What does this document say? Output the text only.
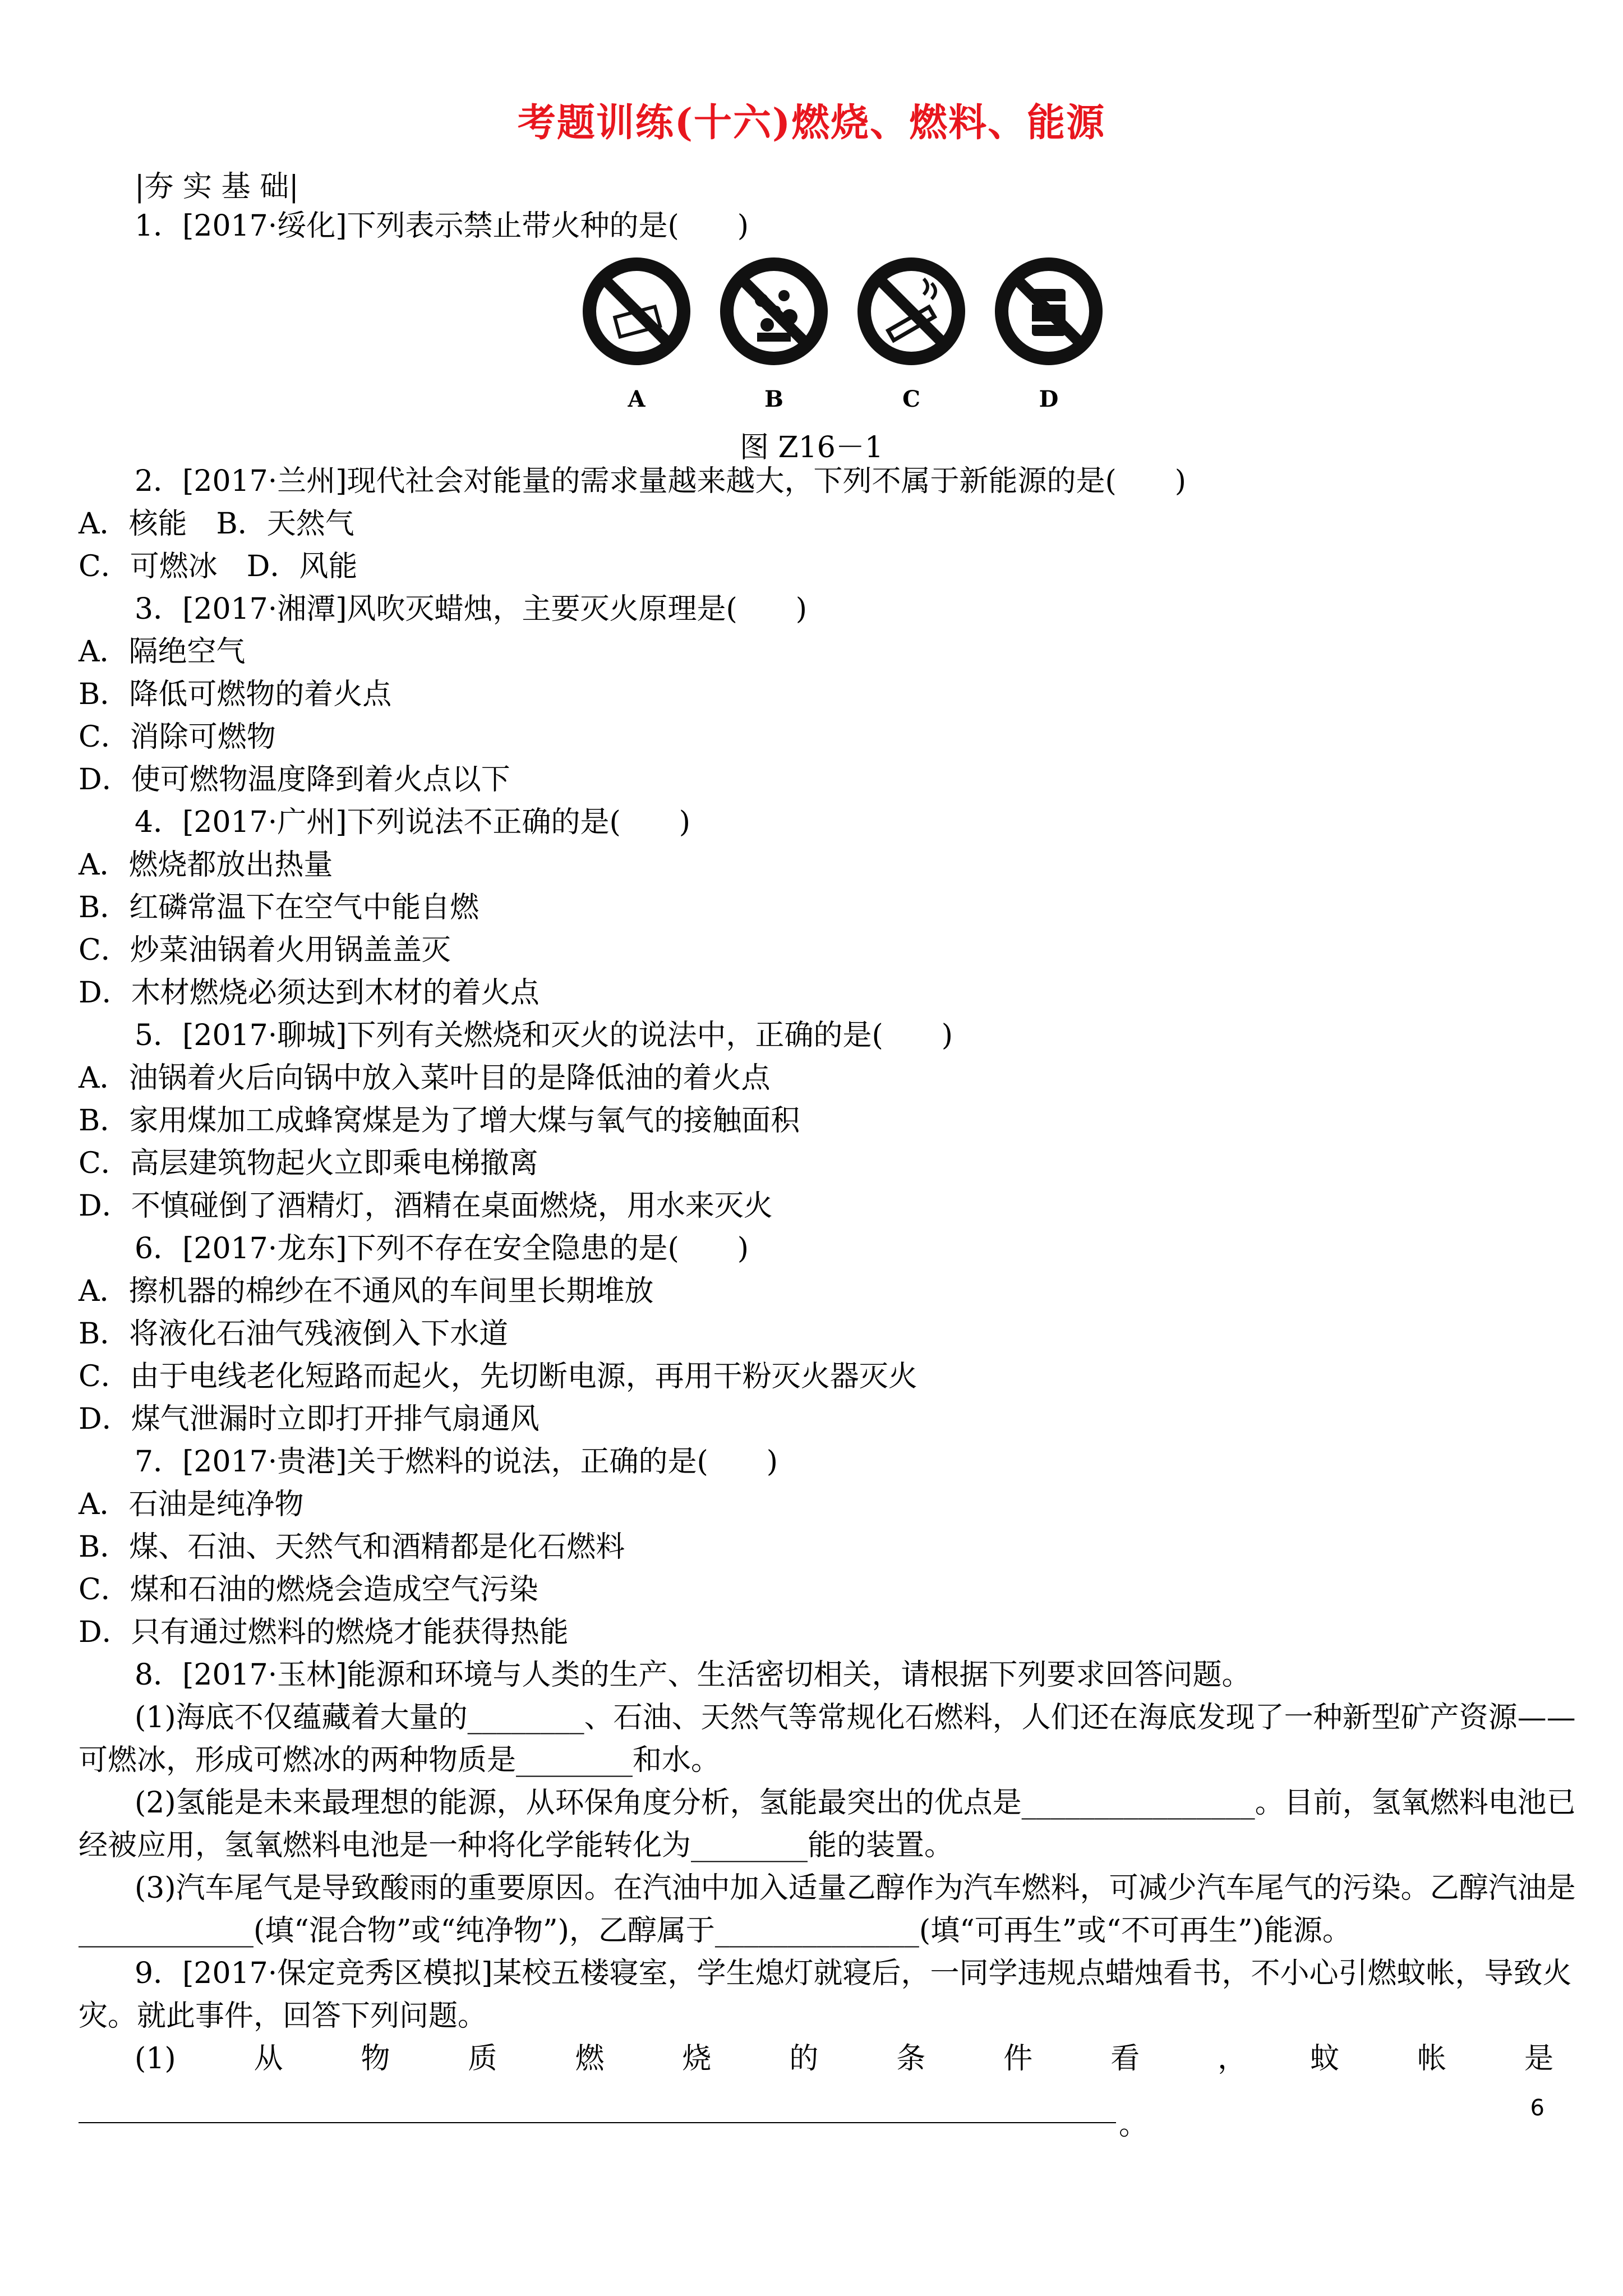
考题训练(十六)燃烧、燃料、能源
|夯 实 基 础|
1．[2017·绥化]下列表示禁止带火种的是(　　)
A	B	C	D
图 Z16－1
2．[2017·兰州]现代社会对能量的需求量越来越大，下列不属于新能源的是(　　)
A．核能　B．天然气
C．可燃冰　D．风能
3．[2017·湘潭]风吹灭蜡烛，主要灭火原理是(　　)
A．隔绝空气
B．降低可燃物的着火点
C．消除可燃物
D．使可燃物温度降到着火点以下
4．[2017·广州]下列说法不正确的是(　　)
A．燃烧都放出热量
B．红磷常温下在空气中能自燃
C．炒菜油锅着火用锅盖盖灭
D．木材燃烧必须达到木材的着火点
5．[2017·聊城]下列有关燃烧和灭火的说法中，正确的是(　　)
A．油锅着火后向锅中放入菜叶目的是降低油的着火点
B．家用煤加工成蜂窝煤是为了增大煤与氧气的接触面积
C．高层建筑物起火立即乘电梯撤离
D．不慎碰倒了酒精灯，酒精在桌面燃烧，用水来灭火
6．[2017·龙东]下列不存在安全隐患的是(　　)
A．擦机器的棉纱在不通风的车间里长期堆放
B．将液化石油气残液倒入下水道
C．由于电线老化短路而起火，先切断电源，再用干粉灭火器灭火
D．煤气泄漏时立即打开排气扇通风
7．[2017·贵港]关于燃料的说法，正确的是(　　)
A．石油是纯净物
B．煤、石油、天然气和酒精都是化石燃料
C．煤和石油的燃烧会造成空气污染
D．只有通过燃料的燃烧才能获得热能
8．[2017·玉林]能源和环境与人类的生产、生活密切相关，请根据下列要求回答问题。
(1)海底不仅蕴藏着大量的________、石油、天然气等常规化石燃料，人们还在海底发现了一种新型矿产资源——
可燃冰，形成可燃冰的两种物质是________和水。
(2)氢能是未来最理想的能源，从环保角度分析，氢能最突出的优点是________________。目前，氢氧燃料电池已
经被应用，氢氧燃料电池是一种将化学能转化为________能的装置。
(3)汽车尾气是导致酸雨的重要原因。在汽油中加入适量乙醇作为汽车燃料，可减少汽车尾气的污染。乙醇汽油是
____________(填“混合物”或“纯净物”)，乙醇属于______________(填“可再生”或“不可再生”)能源。
9．[2017·保定竞秀区模拟]某校五楼寝室，学生熄灯就寝后，一同学违规点蜡烛看书，不小心引燃蚊帐，导致火
灾。就此事件，回答下列问题。
(1)　从　物　质　燃　烧　的　条　件　看　，　蚊　帐　是
。	6
